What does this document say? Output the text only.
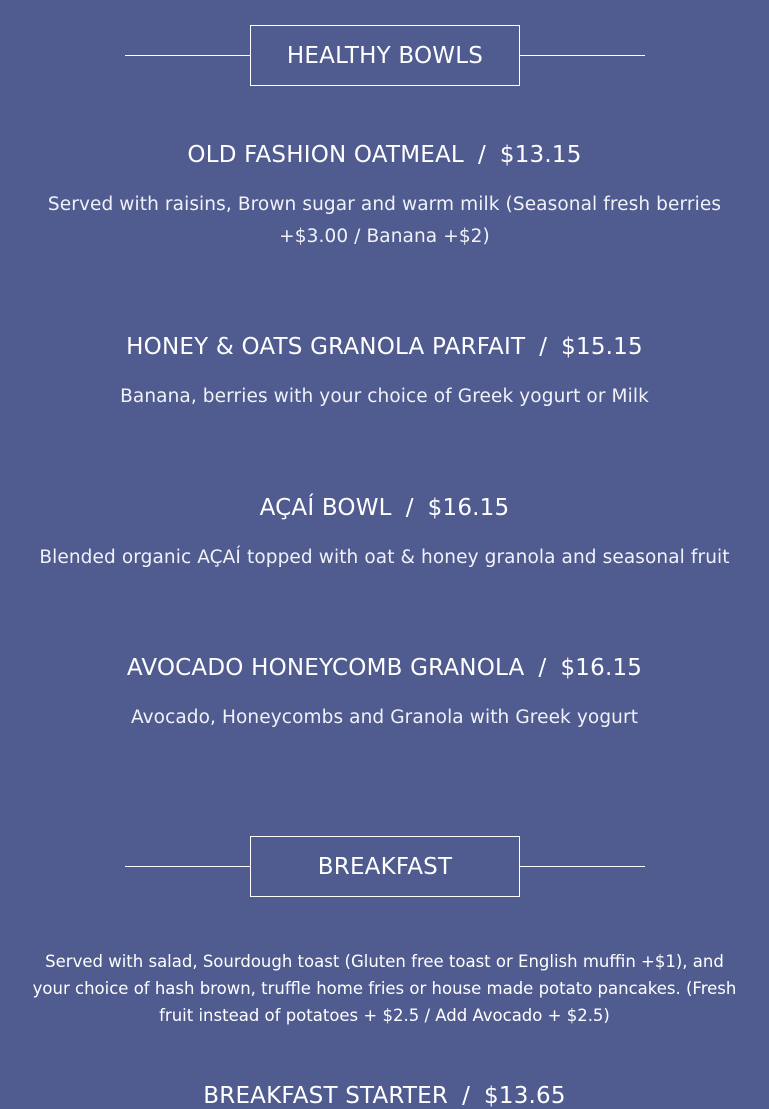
HEALTHY BOWLS
OLD FASHION OATMEAL / $13.15
Served with raisins, Brown sugar and warm milk (Seasonal fresh berries +$3.00 / Banana +$2)
HONEY & OATS GRANOLA PARFAIT / $15.15
Banana, berries with your choice of Greek yogurt or Milk
AÇAÍ BOWL / $16.15
Blended organic AÇAÍ topped with oat & honey granola and seasonal fruit
AVOCADO HONEYCOMB GRANOLA / $16.15
Avocado, Honeycombs and Granola with Greek yogurt
BREAKFAST
Served with salad, Sourdough toast (Gluten free toast or English muffin +$1), and your choice of hash brown, truffle home fries or house made potato pancakes. (Fresh fruit instead of potatoes + $2.5 / Add Avocado + $2.5)
BREAKFAST STARTER / $13.65
